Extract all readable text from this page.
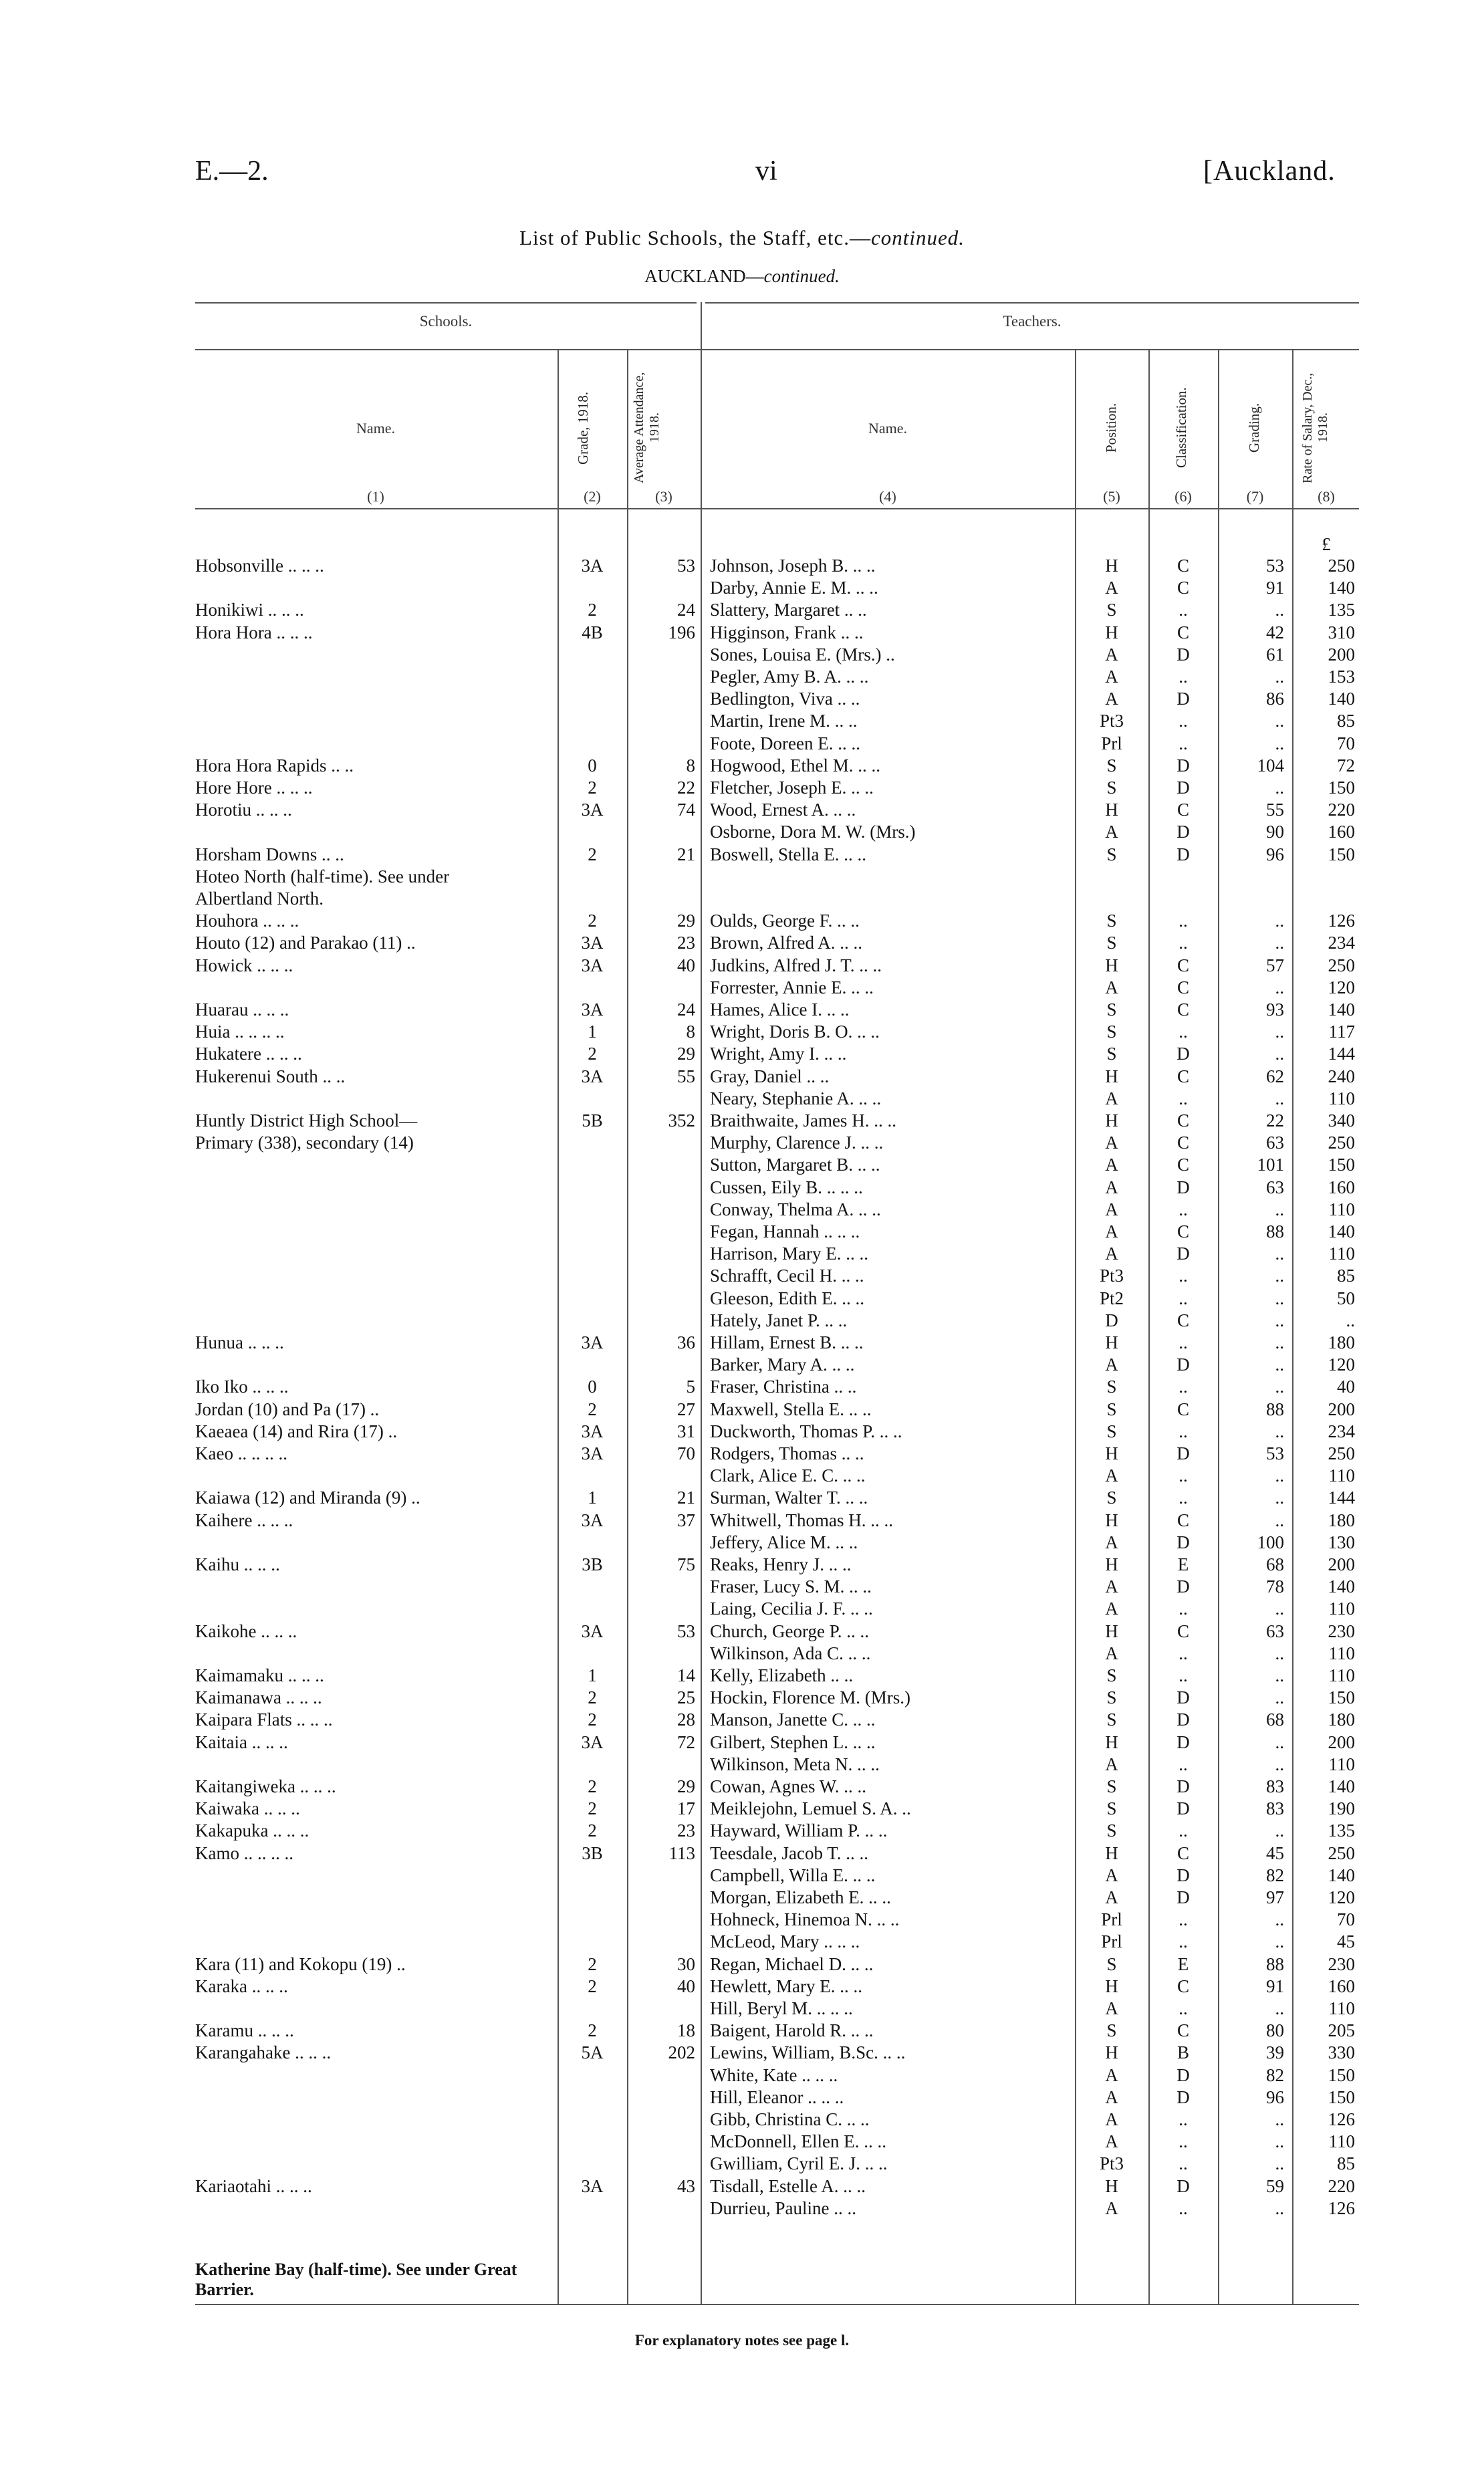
E.—2.	vi	[Auckland.
List of Public Schools, the Staff, etc.—continued.
AUCKLAND—continued.
Schools.	Teachers.
Name.	Grade, 1918.	Average Attendance, 1918.	Name.	Position.	Classification.	Grading.	Rate of Salary, Dec., 1918.
(1)	(2)	(3)	(4)	(5)	(6)	(7)	(8)
£
Hobsonville .. .. ..	3A	53 Johnson, Joseph B. .. ..	H	C	53	250
Darby, Annie E. M. .. ..	A	C	91	140
Honikiwi .. .. ..	2	24 Slattery, Margaret .. ..	S	..	..	135
Hora Hora .. .. ..	4B	196 Higginson, Frank .. ..	H	C	42	310
Sones, Louisa E. (Mrs.) ..	A	D	61	200
Pegler, Amy B. A. .. ..	A	..	..	153
Bedlington, Viva .. ..	A	D	86	140
Martin, Irene M. .. ..	Pt3	..	..	85
Foote, Doreen E. .. ..	Prl	..	..	70
Hora Hora Rapids .. ..	0	8 Hogwood, Ethel M. .. ..	S	D	104	72
Hore Hore .. .. ..	2	22 Fletcher, Joseph E. .. ..	S	D	..	150
Horotiu .. .. ..	3A	74 Wood, Ernest A. .. ..	H	C	55	220
Osborne, Dora M. W. (Mrs.)	A	D	90	160
Horsham Downs .. ..	2	21 Boswell, Stella E. .. ..	S	D	96	150
Hoteo North (half-time). See under
Albertland North.
Houhora .. .. ..	2	29 Oulds, George F. .. ..	S	..	..	126
Houto (12) and Parakao (11) ..	3A	23 Brown, Alfred A. .. ..	S	..	..	234
Howick .. .. ..	3A	40 Judkins, Alfred J. T. .. ..	H	C	57	250
Forrester, Annie E. .. ..	A	C	..	120
Huarau .. .. ..	3A	24 Hames, Alice I. .. ..	S	C	93	140
Huia .. .. .. ..	1	8 Wright, Doris B. O. .. ..	S	..	..	117
Hukatere .. .. ..	2	29 Wright, Amy I. .. ..	S	D	..	144
Hukerenui South .. ..	3A	55 Gray, Daniel .. ..	H	C	62	240
Neary, Stephanie A. .. ..	A	..	..	110
Huntly District High School—	5B	352 Braithwaite, James H. .. ..	H	C	22	340
Primary (338), secondary (14)	Murphy, Clarence J. .. ..	A	C	63	250
Sutton, Margaret B. .. ..	A	C	101	150
Cussen, Eily B. .. .. ..	A	D	63	160
Conway, Thelma A. .. ..	A	..	..	110
Fegan, Hannah .. .. ..	A	C	88	140
Harrison, Mary E. .. ..	A	D	..	110
Schrafft, Cecil H. .. ..	Pt3	..	..	85
Gleeson, Edith E. .. ..	Pt2	..	..	50
Hately, Janet P. .. ..	D	C	..	..
Hunua .. .. ..	3A	36 Hillam, Ernest B. .. ..	H	..	..	180
Barker, Mary A. .. ..	A	D	..	120
Iko Iko .. .. ..	0	5 Fraser, Christina .. ..	S	..	..	40
Jordan (10) and Pa (17) ..	2	27 Maxwell, Stella E. .. ..	S	C	88	200
Kaeaea (14) and Rira (17) ..	3A	31 Duckworth, Thomas P. .. ..	S	..	..	234
Kaeo .. .. .. ..	3A	70 Rodgers, Thomas .. ..	H	D	53	250
Clark, Alice E. C. .. ..	A	..	..	110
Kaiawa (12) and Miranda (9) ..	1	21 Surman, Walter T. .. ..	S	..	..	144
Kaihere .. .. ..	3A	37 Whitwell, Thomas H. .. ..	H	C	..	180
Jeffery, Alice M. .. ..	A	D	100	130
Kaihu .. .. ..	3B	75 Reaks, Henry J. .. ..	H	E	68	200
Fraser, Lucy S. M. .. ..	A	D	78	140
Laing, Cecilia J. F. .. ..	A	..	..	110
Kaikohe .. .. ..	3A	53 Church, George P. .. ..	H	C	63	230
Wilkinson, Ada C. .. ..	A	..	..	110
Kaimamaku .. .. ..	1	14 Kelly, Elizabeth .. ..	S	..	..	110
Kaimanawa .. .. ..	2	25 Hockin, Florence M. (Mrs.)	S	D	..	150
Kaipara Flats .. .. ..	2	28 Manson, Janette C. .. ..	S	D	68	180
Kaitaia .. .. ..	3A	72 Gilbert, Stephen L. .. ..	H	D	..	200
Wilkinson, Meta N. .. ..	A	..	..	110
Kaitangiweka .. .. ..	2	29 Cowan, Agnes W. .. ..	S	D	83	140
Kaiwaka .. .. ..	2	17 Meiklejohn, Lemuel S. A. ..	S	D	83	190
Kakapuka .. .. ..	2	23 Hayward, William P. .. ..	S	..	..	135
Kamo .. .. .. ..	3B	113 Teesdale, Jacob T. .. ..	H	C	45	250
Campbell, Willa E. .. ..	A	D	82	140
Morgan, Elizabeth E. .. ..	A	D	97	120
Hohneck, Hinemoa N. .. ..	Prl	..	..	70
McLeod, Mary .. .. ..	Prl	..	..	45
Kara (11) and Kokopu (19) ..	2	30 Regan, Michael D. .. ..	S	E	88	230
Karaka .. .. ..	2	40 Hewlett, Mary E. .. ..	H	C	91	160
Hill, Beryl M. .. .. ..	A	..	..	110
Karamu .. .. ..	2	18 Baigent, Harold R. .. ..	S	C	80	205
Karangahake .. .. ..	5A	202 Lewins, William, B.Sc. .. ..	H	B	39	330
White, Kate .. .. ..	A	D	82	150
Hill, Eleanor .. .. ..	A	D	96	150
Gibb, Christina C. .. ..	A	..	..	126
McDonnell, Ellen E. .. ..	A	..	..	110
Gwilliam, Cyril E. J. .. ..	Pt3	..	..	85
Kariaotahi .. .. ..	3A	43 Tisdall, Estelle A. .. ..	H	D	59	220
Durrieu, Pauline .. ..	A	..	..	126
Katherine Bay (half-time). See under Great Barrier.
For explanatory notes see page l.
